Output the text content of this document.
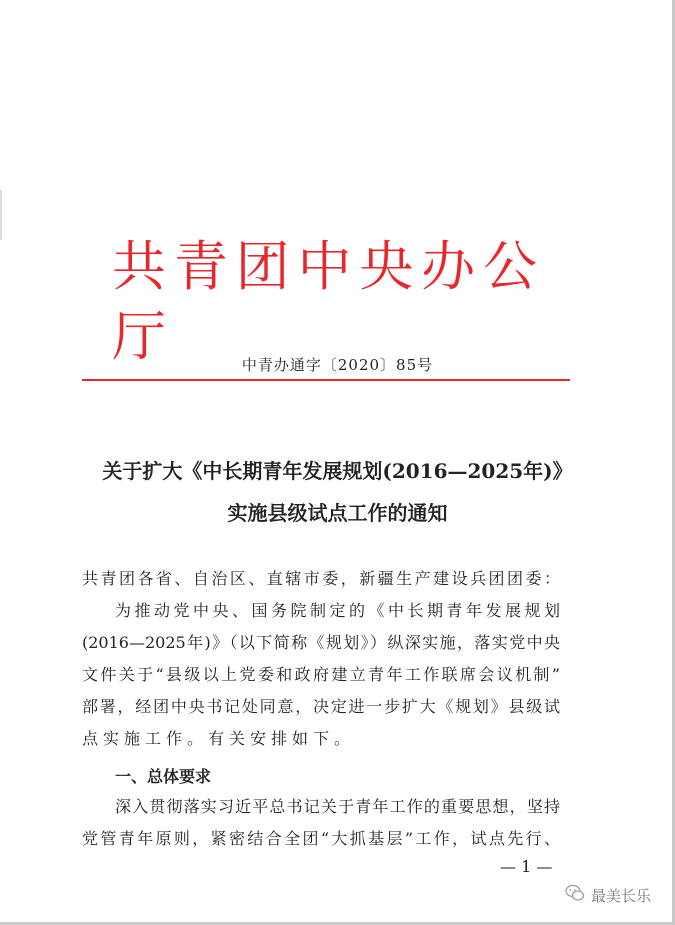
共青团中央办公厅	中青办通字〔2020〕85号
关于扩大《中长期青年发展规划(2016—2025年)》
实施县级试点工作的通知
共青团各省、自治区、直辖市委，新疆生产建设兵团团委：
为推动党中央、国务院制定的《中长期青年发展规划
(2016—2025年)》（以下简称《规划》）纵深实施，落实党中央
文件关于“县级以上党委和政府建立青年工作联席会议机制”
部署，经团中央书记处同意，决定进一步扩大《规划》县级试
点实施工作。有关安排如下。
一、总体要求
深入贯彻落实习近平总书记关于青年工作的重要思想，坚持
党管青年原则，紧密结合全团“大抓基层”工作，试点先行、
— 1 —
最美长乐
